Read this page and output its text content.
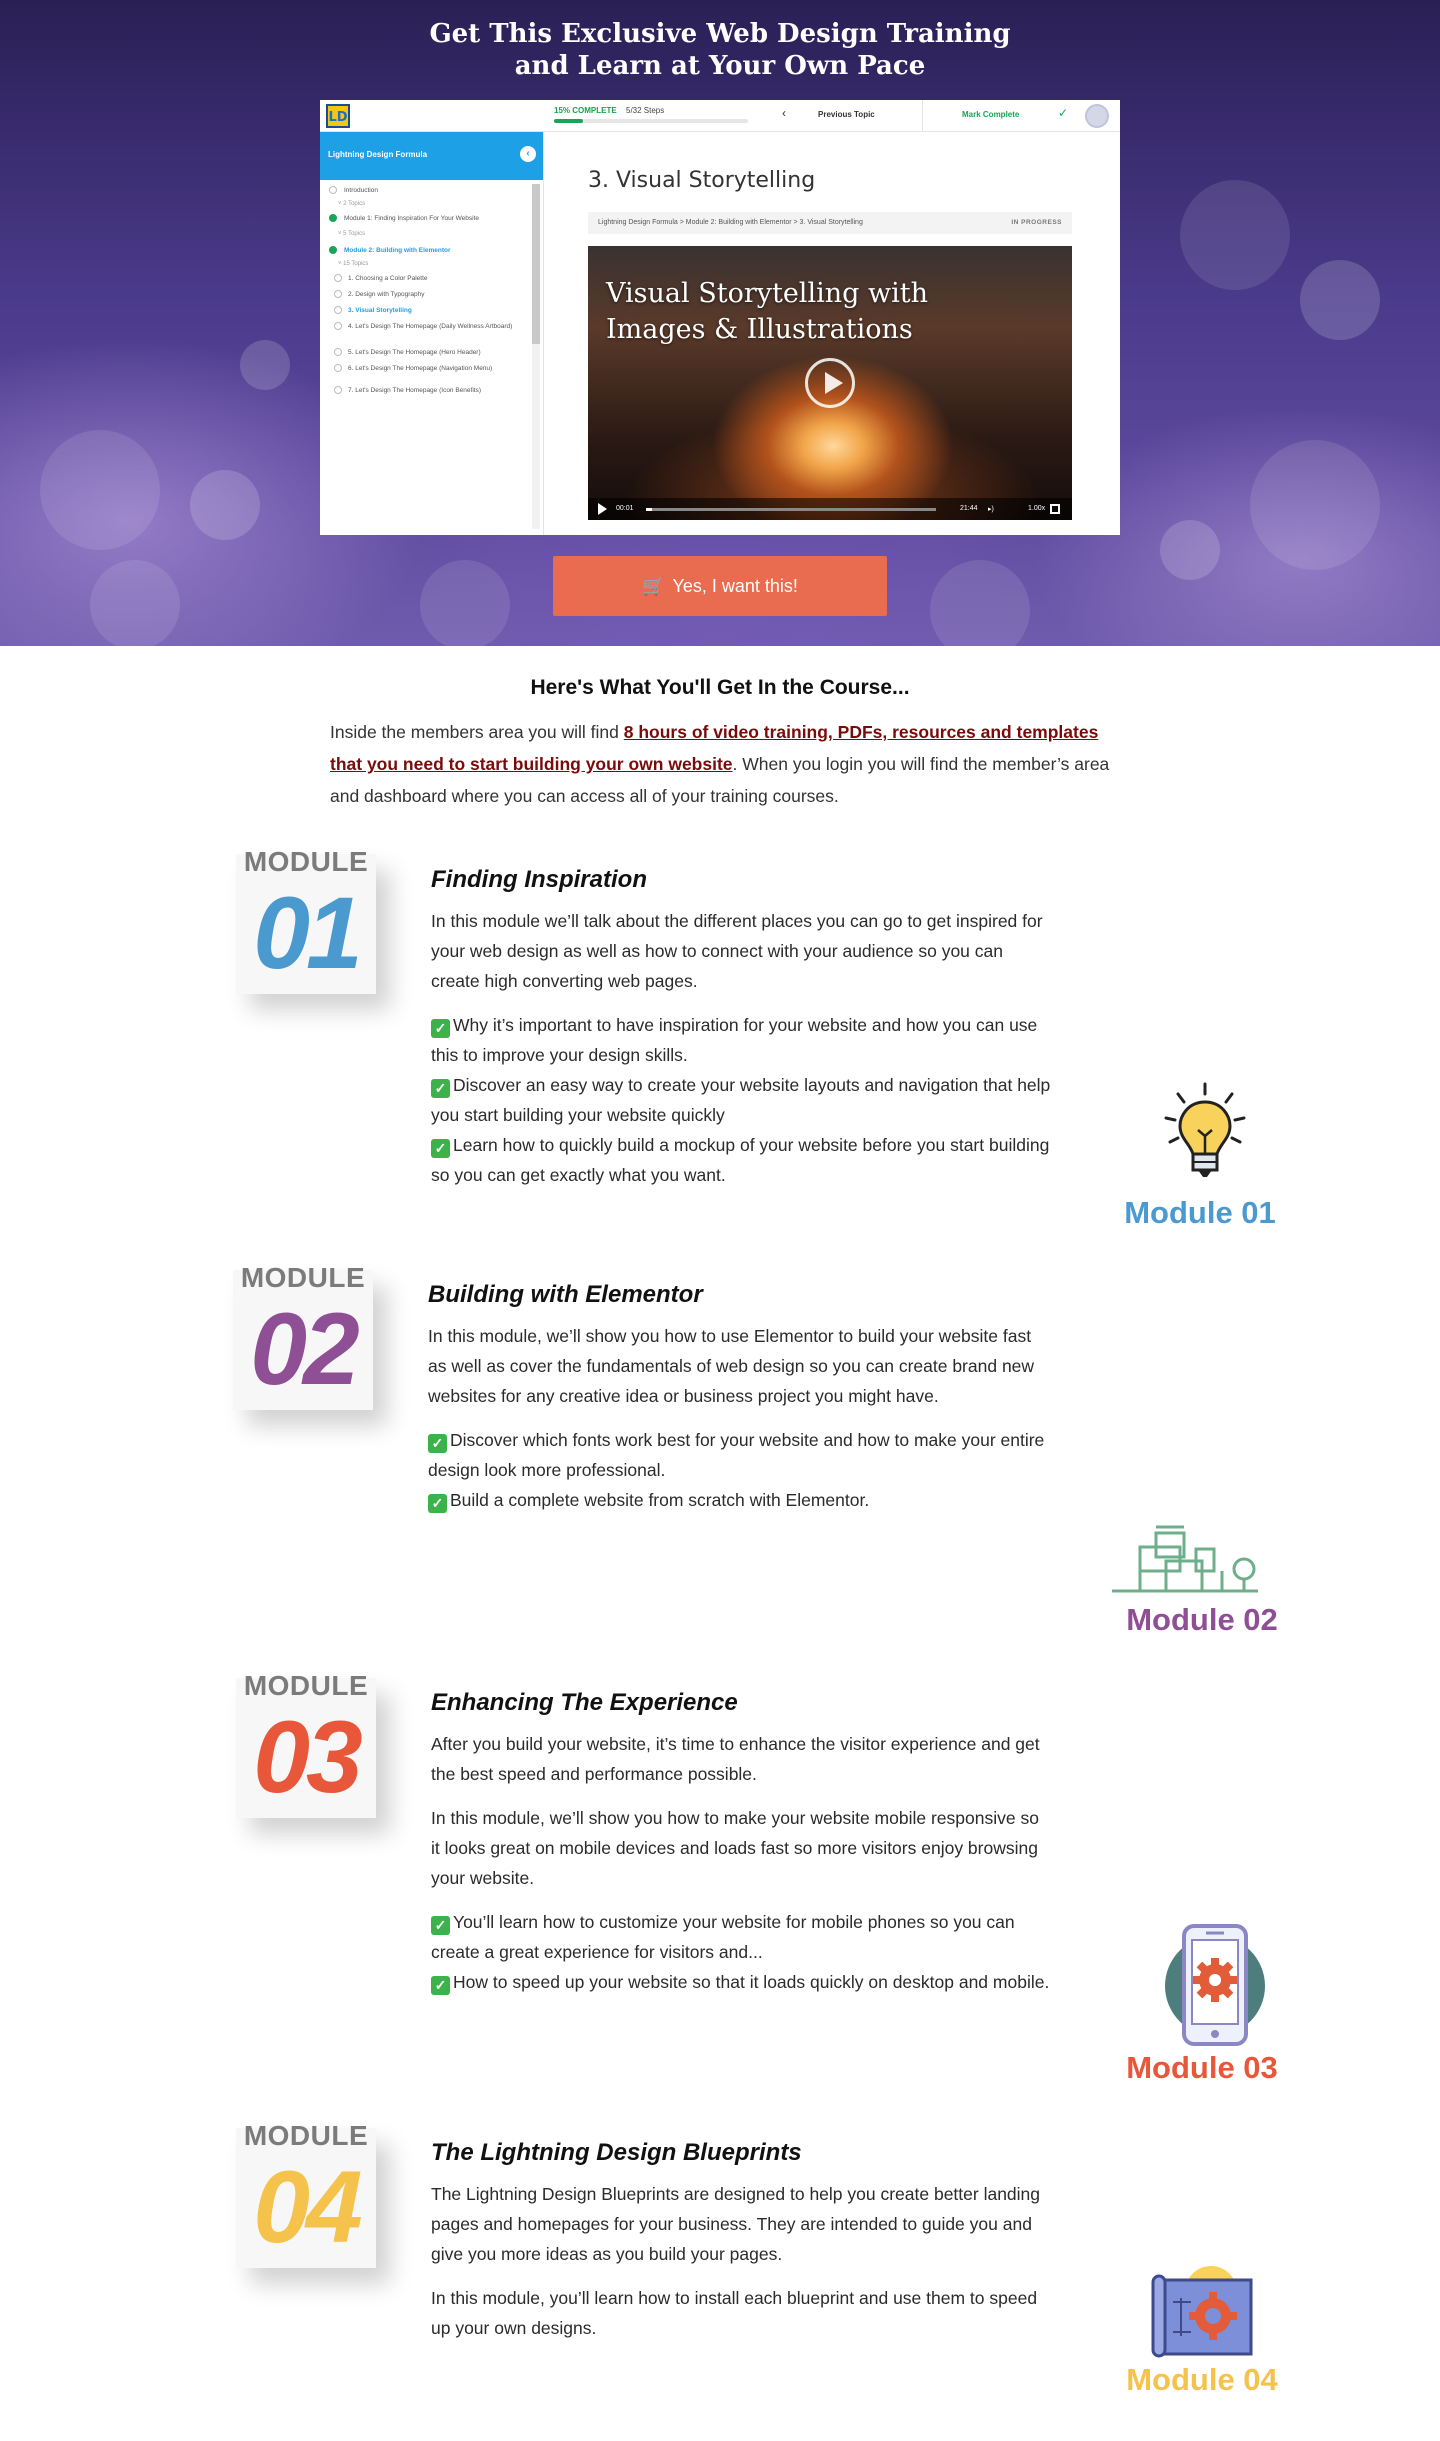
Get This Exclusive Web Design Training
and Learn at Your Own Pace
LD	15% COMPLETE 5/32 Steps	‹	Previous Topic	Mark Complete	✓
Lightning Design Formula	‹
Introduction
˅ 2 Topics
Module 1: Finding Inspiration For Your Website
˅ 5 Topics
Module 2: Building with Elementor
˅ 15 Topics
1. Choosing a Color Palette
2. Design with Typography
3. Visual Storytelling
4. Let's Design The Homepage (Daily Wellness Artboard)
5. Let's Design The Homepage (Hero Header)
6. Let's Design The Homepage (Navigation Menu)
7. Let's Design The Homepage (Icon Benefits)
3. Visual Storytelling
Lightning Design Formula > Module 2: Building with Elementor > 3. Visual Storytelling	IN PROGRESS
Visual Storytelling with
Images & Illustrations
00:01	21:44 ▸)	1.00x
🛒 Yes, I want this!
Here's What You'll Get In the Course...

Inside the members area you will find 8 hours of video training, PDFs, resources and templates that you need to start building your own website. When you login you will find the member’s area and dashboard where you can access all of your training courses.

MODULE
01	Finding Inspiration

In this module we’ll talk about the different places you can go to get inspired for your web design as well as how to connect with your audience so you can create high converting web pages.

✓ Why it’s important to have inspiration for your website and how you can use this to improve your design skills.
✓ Discover an easy way to create your website layouts and navigation that help you start building your website quickly
✓ Learn how to quickly build a mockup of your website before you start building so you can get exactly what you want.
Module 01
MODULE
02	Building with Elementor

In this module, we’ll show you how to use Elementor to build your website fast as well as cover the fundamentals of web design so you can create brand new websites for any creative idea or business project you might have.

✓ Discover which fonts work best for your website and how to make your entire design look more professional.
✓ Build a complete website from scratch with Elementor.
Module 02
MODULE
03	Enhancing The Experience

After you build your website, it’s time to enhance the visitor experience and get the best speed and performance possible.

In this module, we’ll show you how to make your website mobile responsive so it looks great on mobile devices and loads fast so more visitors enjoy browsing your website.

✓ You’ll learn how to customize your website for mobile phones so you can create a great experience for visitors and...
✓ How to speed up your website so that it loads quickly on desktop and mobile.
Module 03
MODULE
04	The Lightning Design Blueprints

The Lightning Design Blueprints are designed to help you create better landing pages and homepages for your business. They are intended to guide you and give you more ideas as you build your pages.

In this module, you’ll learn how to install each blueprint and use them to speed up your own designs.

Module 04
